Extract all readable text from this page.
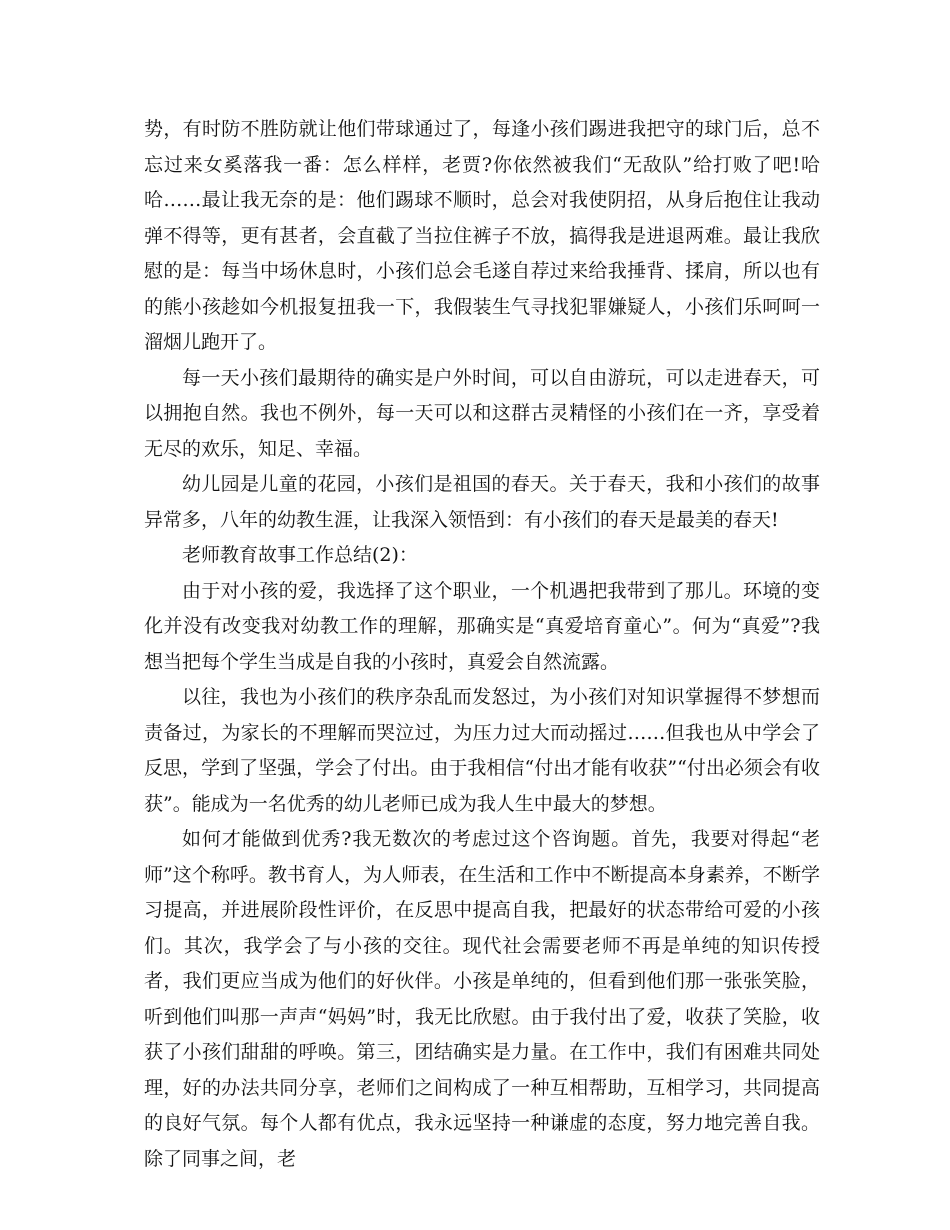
势，有时防不胜防就让他们带球通过了，每逢小孩们踢进我把守的球门后，总不忘过来女奚落我一番：怎么样样，老贾?你依然被我们“无敌队”给打败了吧!哈哈……最让我无奈的是：他们踢球不顺时，总会对我使阴招，从身后抱住让我动弹不得等，更有甚者，会直截了当拉住裤子不放，搞得我是进退两难。最让我欣慰的是：每当中场休息时，小孩们总会毛遂自荐过来给我捶背、揉肩，所以也有的熊小孩趁如今机报复扭我一下，我假装生气寻找犯罪嫌疑人，小孩们乐呵呵一溜烟儿跑开了。

每一天小孩们最期待的确实是户外时间，可以自由游玩，可以走进春天，可以拥抱自然。我也不例外，每一天可以和这群古灵精怪的小孩们在一齐，享受着无尽的欢乐，知足、幸福。

幼儿园是儿童的花园，小孩们是祖国的春天。关于春天，我和小孩们的故事异常多，八年的幼教生涯，让我深入领悟到：有小孩们的春天是最美的春天!

老师教育故事工作总结(2)：

由于对小孩的爱，我选择了这个职业，一个机遇把我带到了那儿。环境的变化并没有改变我对幼教工作的理解，那确实是“真爱培育童心”。何为“真爱”?我想当把每个学生当成是自我的小孩时，真爱会自然流露。

以往，我也为小孩们的秩序杂乱而发怒过，为小孩们对知识掌握得不梦想而责备过，为家长的不理解而哭泣过，为压力过大而动摇过……但我也从中学会了反思，学到了坚强，学会了付出。由于我相信“付出才能有收获”“付出必须会有收获”。能成为一名优秀的幼儿老师已成为我人生中最大的梦想。

如何才能做到优秀?我无数次的考虑过这个咨询题。首先，我要对得起“老师”这个称呼。教书育人，为人师表，在生活和工作中不断提高本身素养，不断学习提高，并进展阶段性评价，在反思中提高自我，把最好的状态带给可爱的小孩们。其次，我学会了与小孩的交往。现代社会需要老师不再是单纯的知识传授者，我们更应当成为他们的好伙伴。小孩是单纯的，但看到他们那一张张笑脸，听到他们叫那一声声“妈妈”时，我无比欣慰。由于我付出了爱，收获了笑脸，收获了小孩们甜甜的呼唤。第三，团结确实是力量。在工作中，我们有困难共同处理，好的办法共同分享，老师们之间构成了一种互相帮助，互相学习，共同提高的良好气氛。每个人都有优点，我永远坚持一种谦虚的态度，努力地完善自我。除了同事之间，老
